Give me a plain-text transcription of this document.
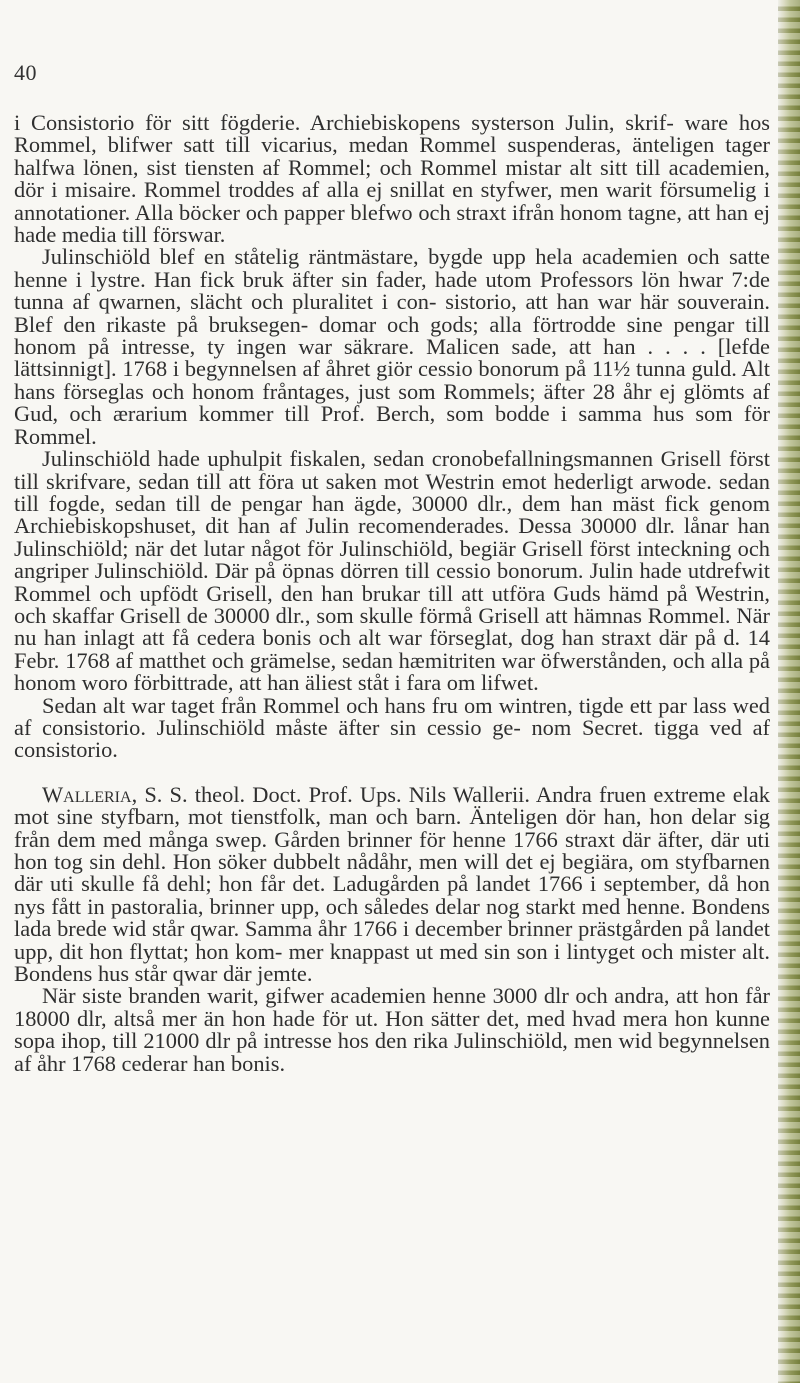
40

i Consistorio för sitt fögderie. Archiebiskopens systerson Julin, skrif- ware hos Rommel, blifwer satt till vicarius, medan Rommel suspenderas, änteligen tager halfwa lönen, sist tiensten af Rommel; och Rommel mistar alt sitt till academien, dör i misaire. Rommel troddes af alla ej snillat en styfwer, men warit försumelig i annotationer. Alla böcker och papper blefwo och straxt ifrån honom tagne, att han ej hade media till förswar.

Julinschiöld blef en ståtelig räntmästare, bygde upp hela academien och satte henne i lystre. Han fick bruk äfter sin fader, hade utom Professors lön hwar 7:de tunna af qwarnen, slächt och pluralitet i con- sistorio, att han war här souverain. Blef den rikaste på bruksegen- domar och gods; alla förtrodde sine pengar till honom på intresse, ty ingen war säkrare. Malicen sade, att han . . . . [lefde lättsinnigt]. 1768 i begynnelsen af åhret giör cessio bonorum på 11½ tunna guld. Alt hans förseglas och honom fråntages, just som Rommels; äfter 28 åhr ej glömts af Gud, och ærarium kommer till Prof. Berch, som bodde i samma hus som för Rommel.

Julinschiöld hade uphulpit fiskalen, sedan cronobefallningsmannen Grisell först till skrifvare, sedan till att föra ut saken mot Westrin emot hederligt arwode. sedan till fogde, sedan till de pengar han ägde, 30000 dlr., dem han mäst fick genom Archiebiskopshuset, dit han af Julin recomenderades. Dessa 30000 dlr. lånar han Julinschiöld; när det lutar något för Julinschiöld, begiär Grisell först inteckning och angriper Julinschiöld. Där på öpnas dörren till cessio bonorum. Julin hade utdrefwit Rommel och upfödt Grisell, den han brukar till att utföra Guds hämd på Westrin, och skaffar Grisell de 30000 dlr., som skulle förmå Grisell att hämnas Rommel. När nu han inlagt att få cedera bonis och alt war förseglat, dog han straxt där på d. 14 Febr. 1768 af matthet och grämelse, sedan hæmitriten war öfwerstånden, och alla på honom woro förbittrade, att han äliest ståt i fara om lifwet.

Sedan alt war taget från Rommel och hans fru om wintren, tigde ett par lass wed af consistorio. Julinschiöld måste äfter sin cessio ge- nom Secret. tigga ved af consistorio.

Walleria, S. S. theol. Doct. Prof. Ups. Nils Wallerii. Andra fruen extreme elak mot sine styfbarn, mot tienstfolk, man och barn. Änteligen dör han, hon delar sig från dem med många swep. Gården brinner för henne 1766 straxt där äfter, där uti hon tog sin dehl. Hon söker dubbelt nådåhr, men will det ej begiära, om styfbarnen där uti skulle få dehl; hon får det. Ladugården på landet 1766 i september, då hon nys fått in pastoralia, brinner upp, och således delar nog starkt med henne. Bondens lada brede wid står qwar. Samma åhr 1766 i december brinner prästgården på landet upp, dit hon flyttat; hon kom- mer knappast ut med sin son i lintyget och mister alt. Bondens hus står qwar där jemte.

När siste branden warit, gifwer academien henne 3000 dlr och andra, att hon får 18000 dlr, altså mer än hon hade för ut. Hon sätter det, med hvad mera hon kunne sopa ihop, till 21000 dlr på intresse hos den rika Julinschiöld, men wid begynnelsen af åhr 1768 cederar han bonis.
